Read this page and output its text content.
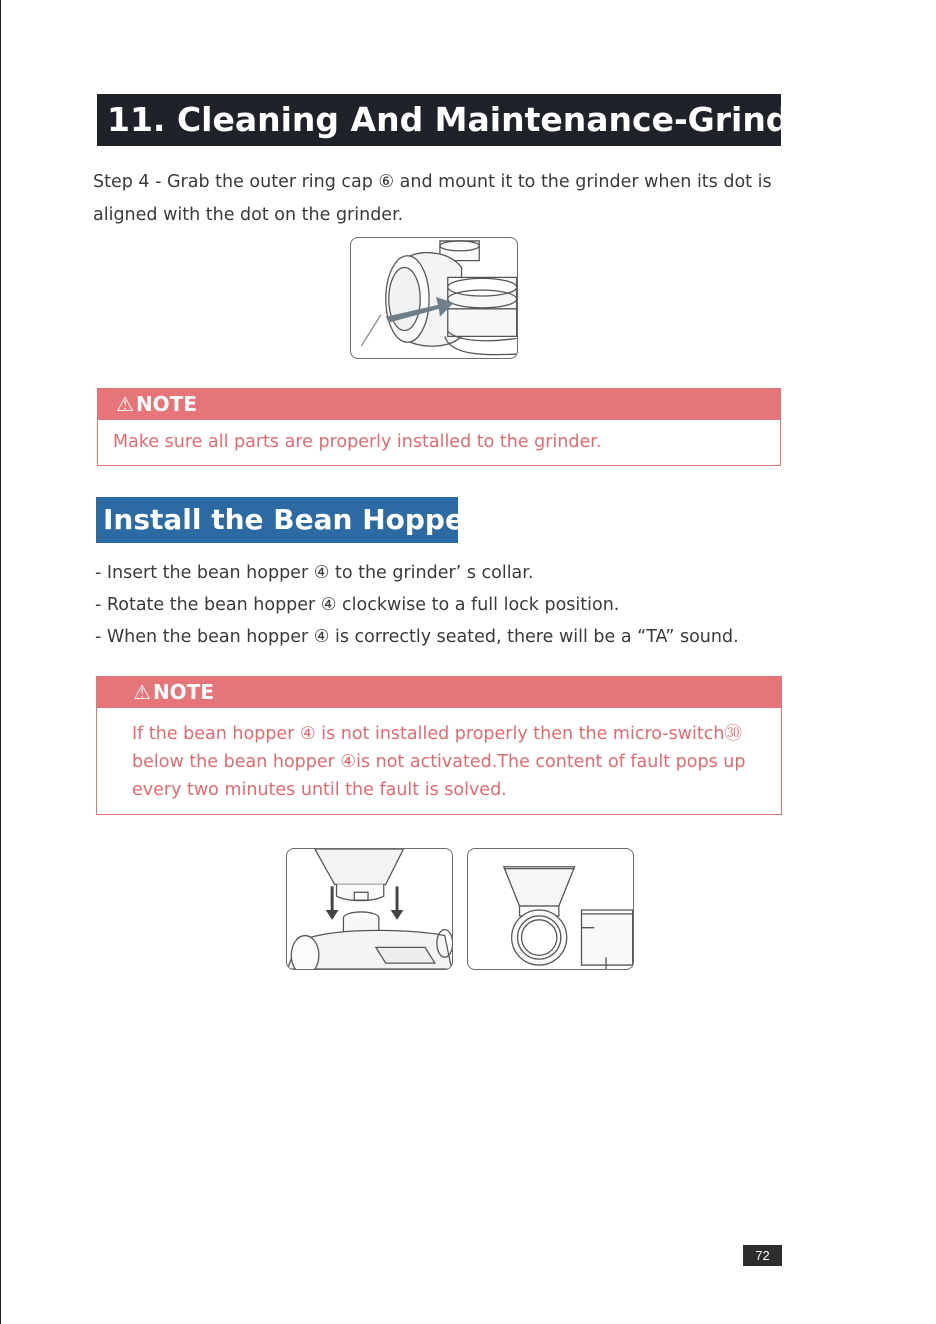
11. Cleaning And Maintenance-Grinder
Step 4 - Grab the outer ring cap ⑥ and mount it to the grinder when its dot is aligned with the dot on the grinder.
⚠ NOTE
Make sure all parts are properly installed to the grinder.
Install the Bean Hopper
- Insert the bean hopper ④ to the grinder’ s collar.
- Rotate the bean hopper ④ clockwise to a full lock position.
- When the bean hopper ④ is correctly seated, there will be a “TA” sound.
⚠ NOTE
If the bean hopper ④ is not installed properly then the micro-switch㉚ below the bean hopper ④is not activated.The content of fault pops up every two minutes until the fault is solved.
72
